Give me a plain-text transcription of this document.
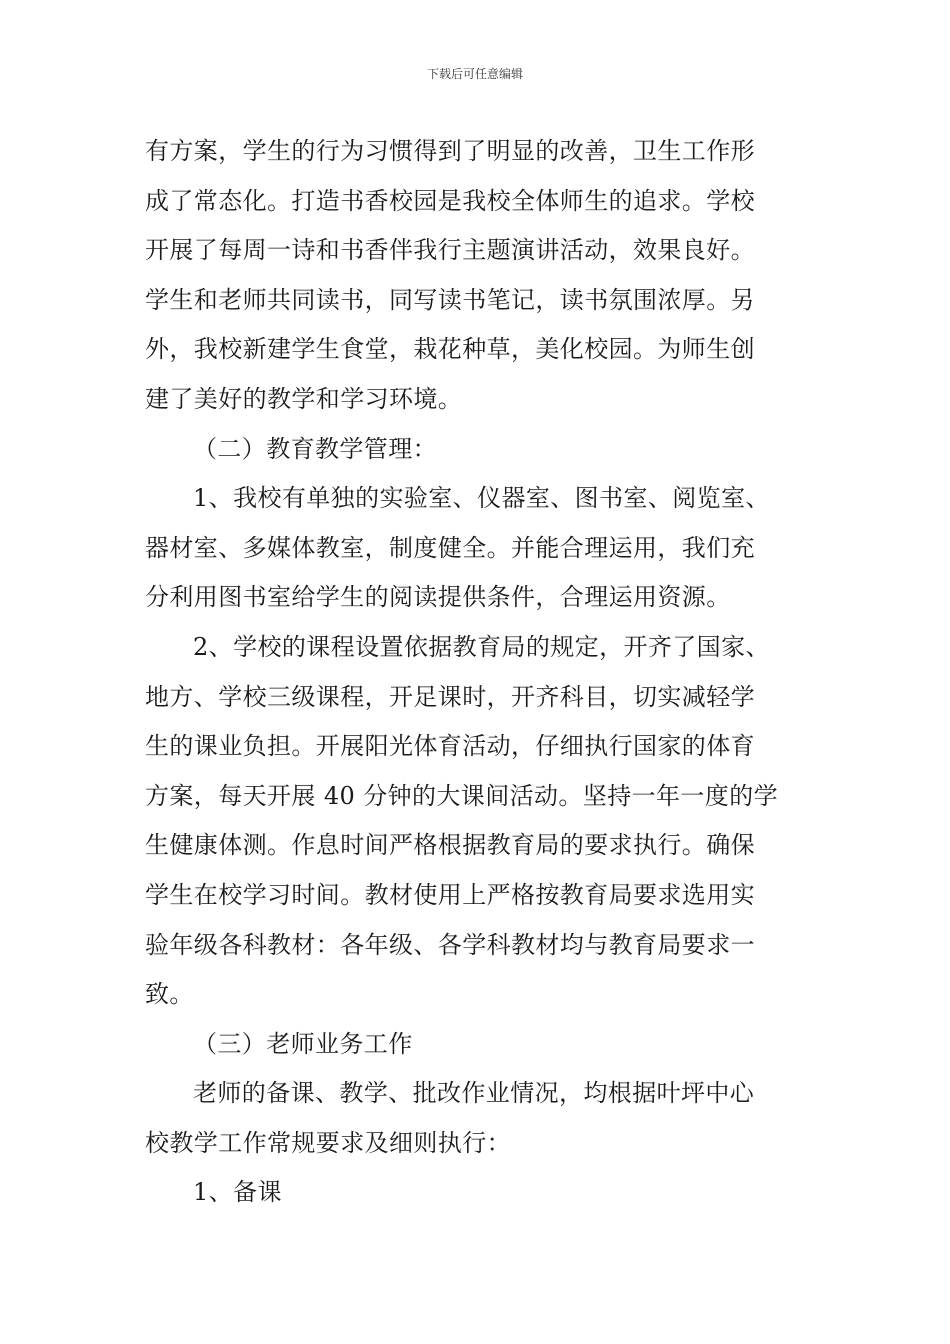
下载后可任意编辑
有方案，学生的行为习惯得到了明显的改善，卫生工作形
成了常态化。打造书香校园是我校全体师生的追求。学校
开展了每周一诗和书香伴我行主题演讲活动，效果良好。
学生和老师共同读书，同写读书笔记，读书氛围浓厚。另
外，我校新建学生食堂，栽花种草，美化校园。为师生创
建了美好的教学和学习环境。
（二）教育教学管理：
1、我校有单独的实验室、仪器室、图书室、阅览室、
器材室、多媒体教室，制度健全。并能合理运用，我们充
分利用图书室给学生的阅读提供条件，合理运用资源。
2、学校的课程设置依据教育局的规定，开齐了国家、
地方、学校三级课程，开足课时，开齐科目，切实减轻学
生的课业负担。开展阳光体育活动，仔细执行国家的体育
方案，每天开展 40 分钟的大课间活动。坚持一年一度的学
生健康体测。作息时间严格根据教育局的要求执行。确保
学生在校学习时间。教材使用上严格按教育局要求选用实
验年级各科教材：各年级、各学科教材均与教育局要求一
致。
（三）老师业务工作
老师的备课、教学、批改作业情况，均根据叶坪中心
校教学工作常规要求及细则执行：
1、备课
